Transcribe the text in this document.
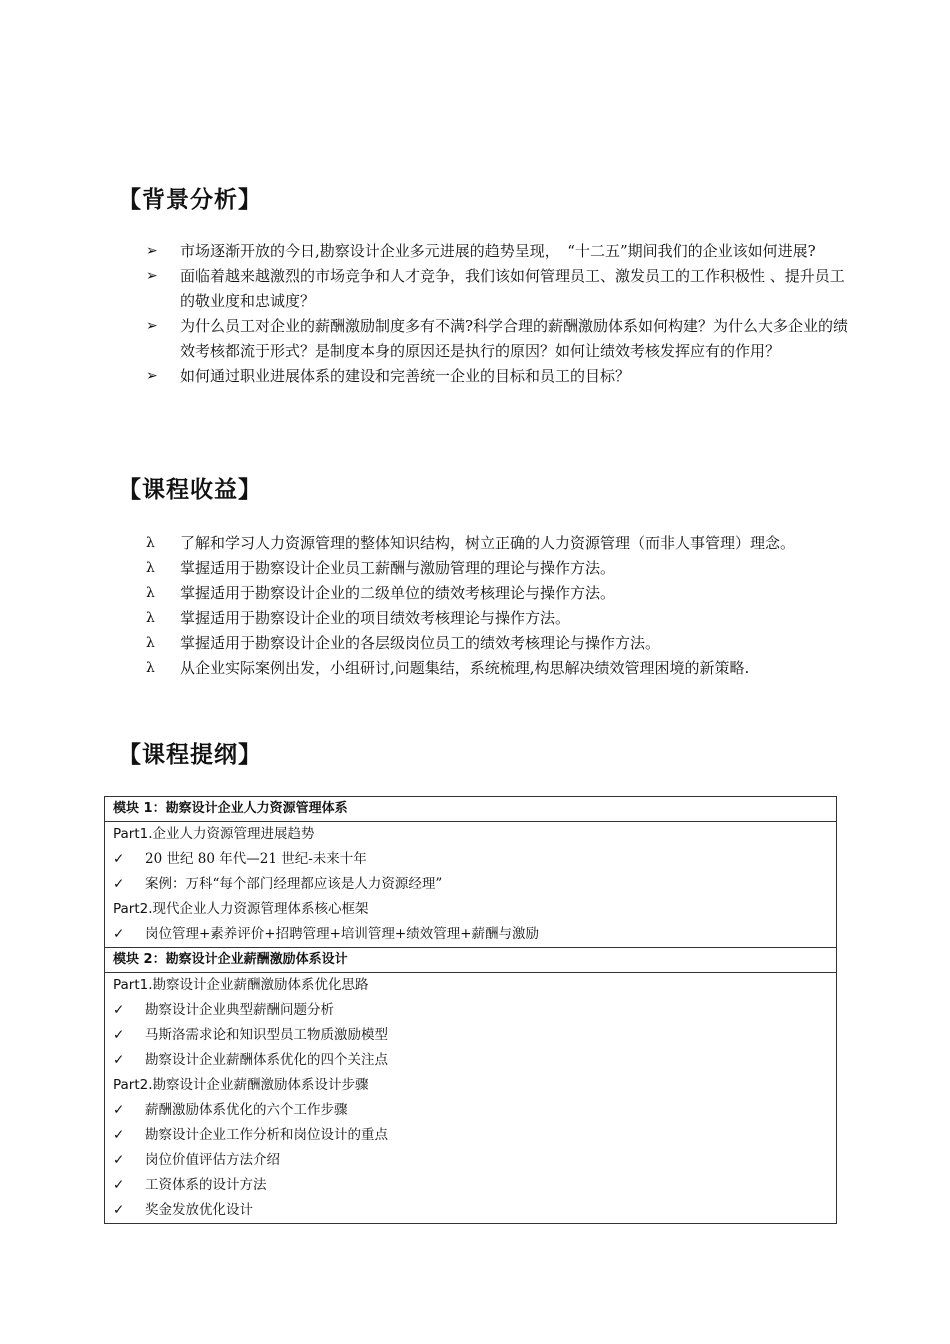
【背景分析】
➢	市场逐渐开放的今日,勘察设计企业多元进展的趋势呈现，　“十二五”期间我们的企业该如何进展?
➢	面临着越来越激烈的市场竞争和人才竞争，我们该如何管理员工、激发员工的工作积极性 、提升员工的敬业度和忠诚度？
➢	为什么员工对企业的薪酬激励制度多有不满?科学合理的薪酬激励体系如何构建？为什么大多企业的绩效考核都流于形式？是制度本身的原因还是执行的原因？如何让绩效考核发挥应有的作用？
➢	如何通过职业进展体系的建设和完善统一企业的目标和员工的目标？
【课程收益】
λ	了解和学习人力资源管理的整体知识结构，树立正确的人力资源管理（而非人事管理）理念。
λ	掌握适用于勘察设计企业员工薪酬与激励管理的理论与操作方法。
λ	掌握适用于勘察设计企业的二级单位的绩效考核理论与操作方法。
λ	掌握适用于勘察设计企业的项目绩效考核理论与操作方法。
λ	掌握适用于勘察设计企业的各层级岗位员工的绩效考核理论与操作方法。
λ	从企业实际案例出发，小组研讨,问题集结，系统梳理,构思解决绩效管理困境的新策略.
【课程提纲】
模块 1：勘察设计企业人力资源管理体系

Part1.企业人力资源管理进展趋势
✓ 20 世纪 80 年代—21 世纪-未来十年
✓ 案例：万科“每个部门经理都应该是人力资源经理”
Part2.现代企业人力资源管理体系核心框架
✓ 岗位管理+素养评价+招聘管理+培训管理+绩效管理+薪酬与激励

模块 2：勘察设计企业薪酬激励体系设计

Part1.勘察设计企业薪酬激励体系优化思路
✓ 勘察设计企业典型薪酬问题分析
✓ 马斯洛需求论和知识型员工物质激励模型
✓ 勘察设计企业薪酬体系优化的四个关注点
Part2.勘察设计企业薪酬激励体系设计步骤
✓ 薪酬激励体系优化的六个工作步骤
✓ 勘察设计企业工作分析和岗位设计的重点
✓ 岗位价值评估方法介绍
✓ 工资体系的设计方法
✓ 奖金发放优化设计
